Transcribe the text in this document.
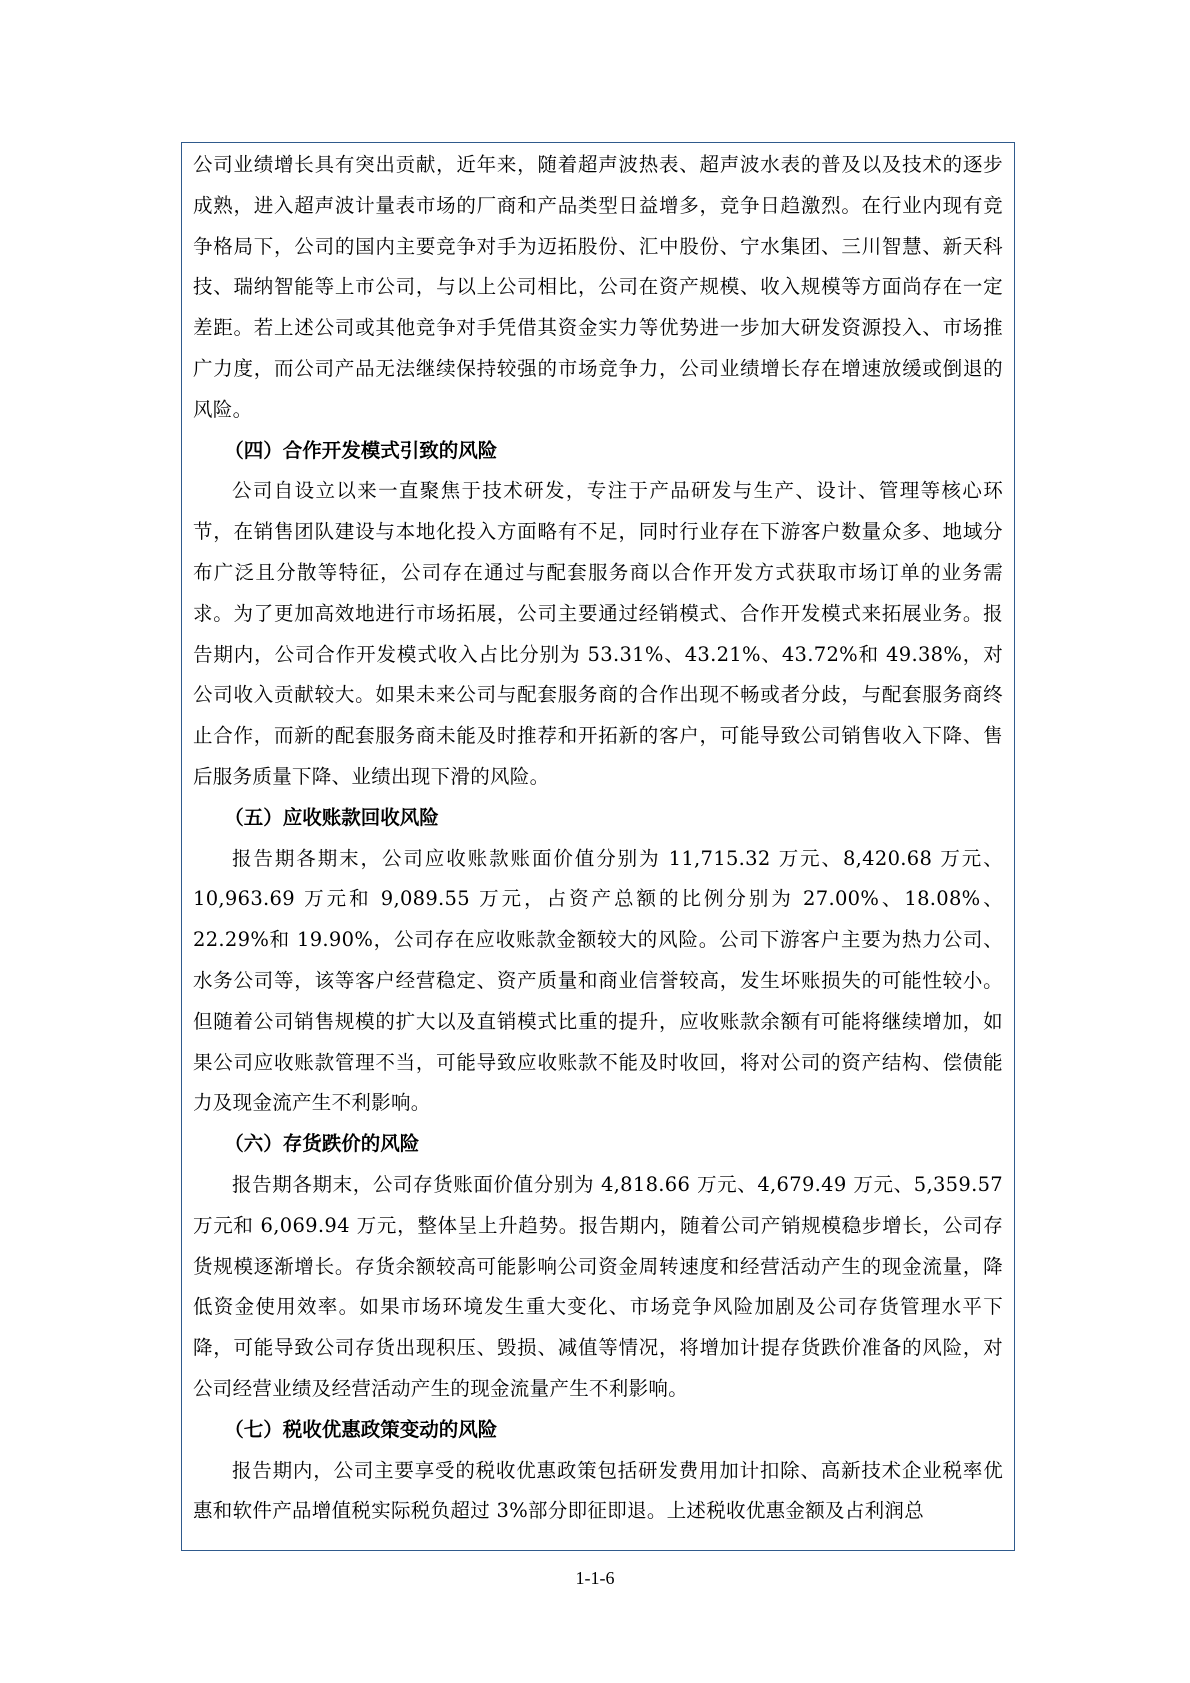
公司业绩增长具有突出贡献，近年来，随着超声波热表、超声波水表的普及以及技术的逐步成熟，进入超声波计量表市场的厂商和产品类型日益增多，竞争日趋激烈。在行业内现有竞争格局下，公司的国内主要竞争对手为迈拓股份、汇中股份、宁水集团、三川智慧、新天科技、瑞纳智能等上市公司，与以上公司相比，公司在资产规模、收入规模等方面尚存在一定差距。若上述公司或其他竞争对手凭借其资金实力等优势进一步加大研发资源投入、市场推广力度，而公司产品无法继续保持较强的市场竞争力，公司业绩增长存在增速放缓或倒退的风险。

（四）合作开发模式引致的风险

公司自设立以来一直聚焦于技术研发，专注于产品研发与生产、设计、管理等核心环节，在销售团队建设与本地化投入方面略有不足，同时行业存在下游客户数量众多、地域分布广泛且分散等特征，公司存在通过与配套服务商以合作开发方式获取市场订单的业务需求。为了更加高效地进行市场拓展，公司主要通过经销模式、合作开发模式来拓展业务。报告期内，公司合作开发模式收入占比分别为 53.31%、43.21%、43.72%和 49.38%，对公司收入贡献较大。如果未来公司与配套服务商的合作出现不畅或者分歧，与配套服务商终止合作，而新的配套服务商未能及时推荐和开拓新的客户，可能导致公司销售收入下降、售后服务质量下降、业绩出现下滑的风险。

（五）应收账款回收风险

报告期各期末，公司应收账款账面价值分别为 11,715.32 万元、8,420.68 万元、10,963.69 万元和 9,089.55 万元，占资产总额的比例分别为 27.00%、18.08%、22.29%和 19.90%，公司存在应收账款金额较大的风险。公司下游客户主要为热力公司、水务公司等，该等客户经营稳定、资产质量和商业信誉较高，发生坏账损失的可能性较小。但随着公司销售规模的扩大以及直销模式比重的提升，应收账款余额有可能将继续增加，如果公司应收账款管理不当，可能导致应收账款不能及时收回，将对公司的资产结构、偿债能力及现金流产生不利影响。

（六）存货跌价的风险

报告期各期末，公司存货账面价值分别为 4,818.66 万元、4,679.49 万元、5,359.57 万元和 6,069.94 万元，整体呈上升趋势。报告期内，随着公司产销规模稳步增长，公司存货规模逐渐增长。存货余额较高可能影响公司资金周转速度和经营活动产生的现金流量，降低资金使用效率。如果市场环境发生重大变化、市场竞争风险加剧及公司存货管理水平下降，可能导致公司存货出现积压、毁损、减值等情况，将增加计提存货跌价准备的风险，对公司经营业绩及经营活动产生的现金流量产生不利影响。

（七）税收优惠政策变动的风险

报告期内，公司主要享受的税收优惠政策包括研发费用加计扣除、高新技术企业税率优惠和软件产品增值税实际税负超过 3%部分即征即退。上述税收优惠金额及占利润总

1-1-6
